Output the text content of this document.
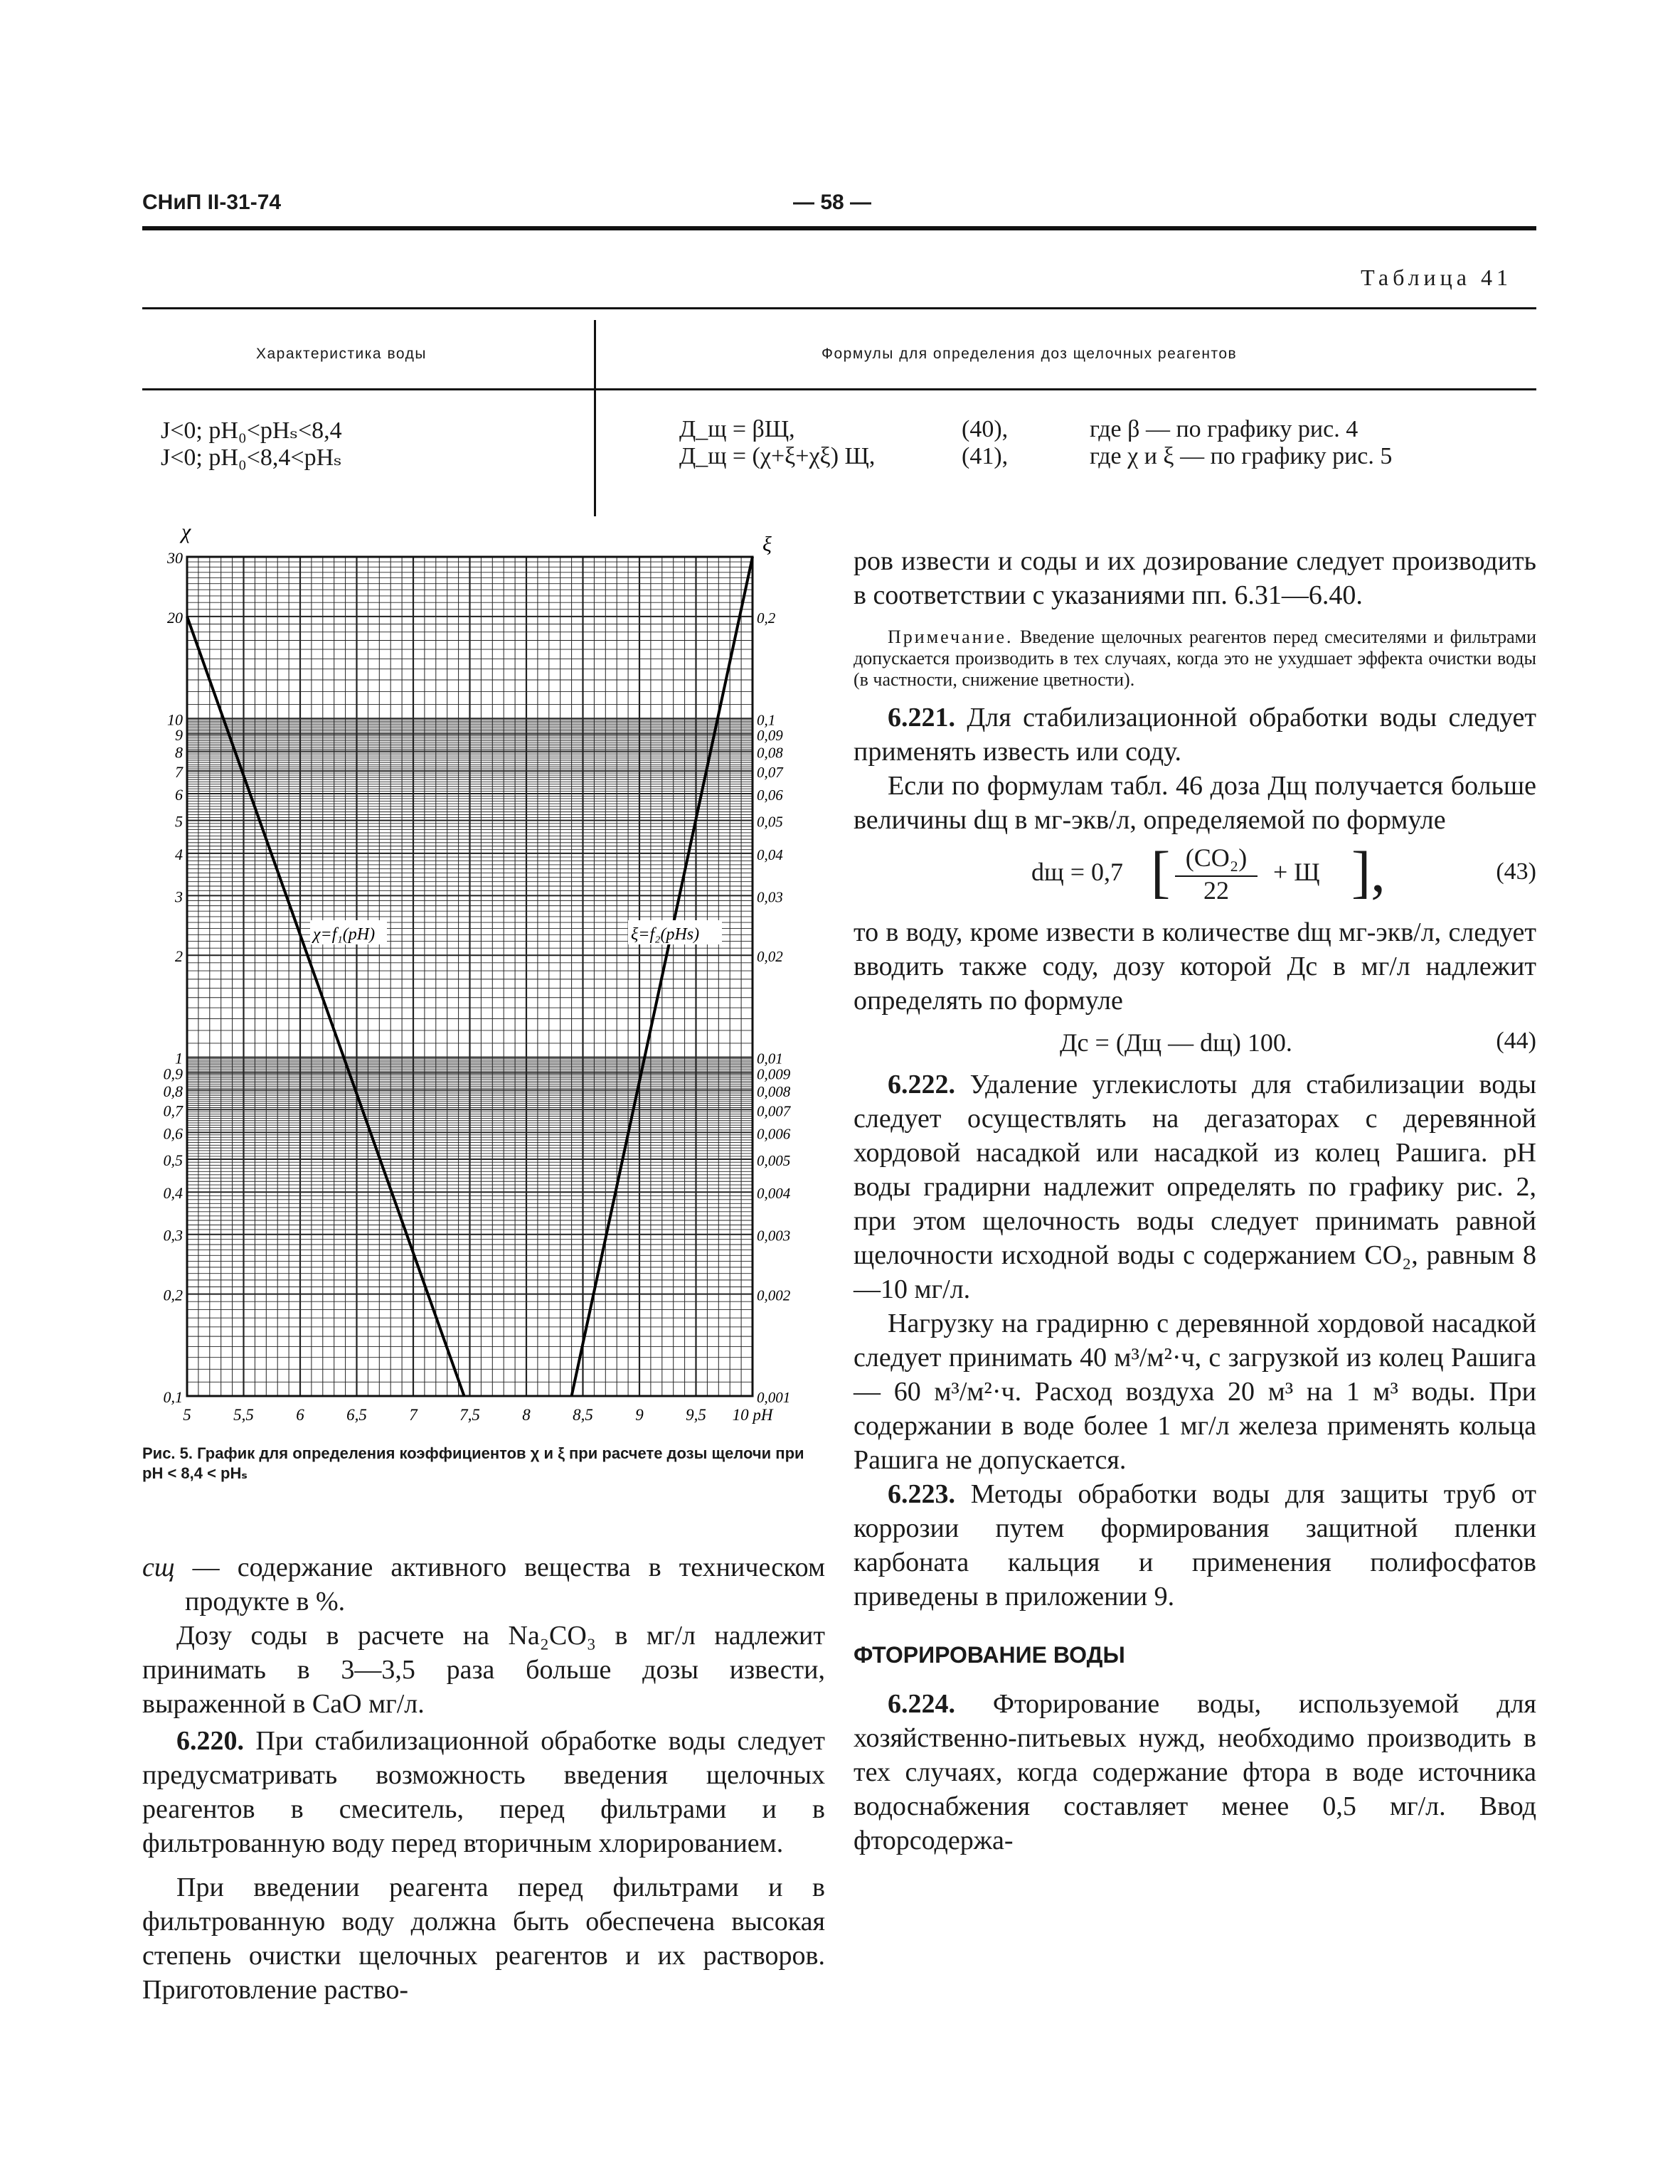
СНиП II-31-74	— 58 —
Таблица 41
Характеристика воды	Формулы для определения доз щелочных реагентов
J<0; pH₀<pHₛ<8,4	Д_щ = βЩ,	(40),	где β — по графику рис. 4
J<0; pH₀<8,4<pHₛ	Д_щ = (χ+ξ+χξ) Щ,	(41),	где χ и ξ — по графику рис. 5
0,1
0,2
0,3
0,4
0,5
0,6
0,7
0,8
0,9
1
2
3
4
5
6
7
8
9
10
20
30
0,001
0,002
0,003
0,004
0,005
0,006
0,007
0,008
0,009
0,01
0,02
0,03
0,04
0,05
0,06
0,07
0,08
0,09
0,1
0,2
5	5,5	6	6,5	7	7,5	8	8,5	9	9,5 10 pH
χ
ξ
χ=f₁(pH)	ξ=f₂(pHs)
Рис. 5. График для определения коэффициентов χ и ξ при расчете дозы щелочи при pH < 8,4 < pHₛ

сщ — содержание активного вещества в техническом продукте в %.

Дозу соды в расчете на Na₂CO₃ в мг/л надлежит принимать в 3—3,5 раза больше дозы извести, выраженной в CaO мг/л.

6.220. При стабилизационной обработке воды следует предусматривать возможность введения щелочных реагентов в смеситель, перед фильтрами и в фильтрованную воду перед вторичным хлорированием.

При введении реагента перед фильтрами и в фильтрованную воду должна быть обеспечена высокая степень очистки щелочных реагентов и их растворов. Приготовление раство-

ров извести и соды и их дозирование следует производить в соответствии с указаниями пп. 6.31—6.40.

Примечание. Введение щелочных реагентов перед смесителями и фильтрами допускается производить в тех случаях, когда это не ухудшает эффекта очистки воды (в частности, снижение цветности).

6.221. Для стабилизационной обработки воды следует применять известь или соду.

Если по формулам табл. 46 доза Дщ получается больше величины dщ в мг-экв/л, определяемой по формуле

dщ = 0,7 [ (CO₂)
22
+ Щ ],	(43)

то в воду, кроме извести в количестве dщ мг-экв/л, следует вводить также соду, дозу которой Дс в мг/л надлежит определять по формуле

Дс = (Дщ — dщ) 100.	(44)

6.222. Удаление углекислоты для стабилизации воды следует осуществлять на дегазаторах с деревянной хордовой насадкой или насадкой из колец Рашига. pH воды градирни надлежит определять по графику рис. 2, при этом щелочность воды следует принимать равной щелочности исходной воды с содержанием CO₂, равным 8—10 мг/л.

Нагрузку на градирню с деревянной хордовой насадкой следует принимать 40 м³/м²·ч, с загрузкой из колец Рашига — 60 м³/м²·ч. Расход воздуха 20 м³ на 1 м³ воды. При содержании в воде более 1 мг/л железа применять кольца Рашига не допускается.

6.223. Методы обработки воды для защиты труб от коррозии путем формирования защитной пленки карбоната кальция и применения полифосфатов приведены в приложении 9.

ФТОРИРОВАНИЕ ВОДЫ

6.224. Фторирование воды, используемой для хозяйственно-питьевых нужд, необходимо производить в тех случаях, когда содержание фтора в воде источника водоснабжения составляет менее 0,5 мг/л. Ввод фторсодержа-
